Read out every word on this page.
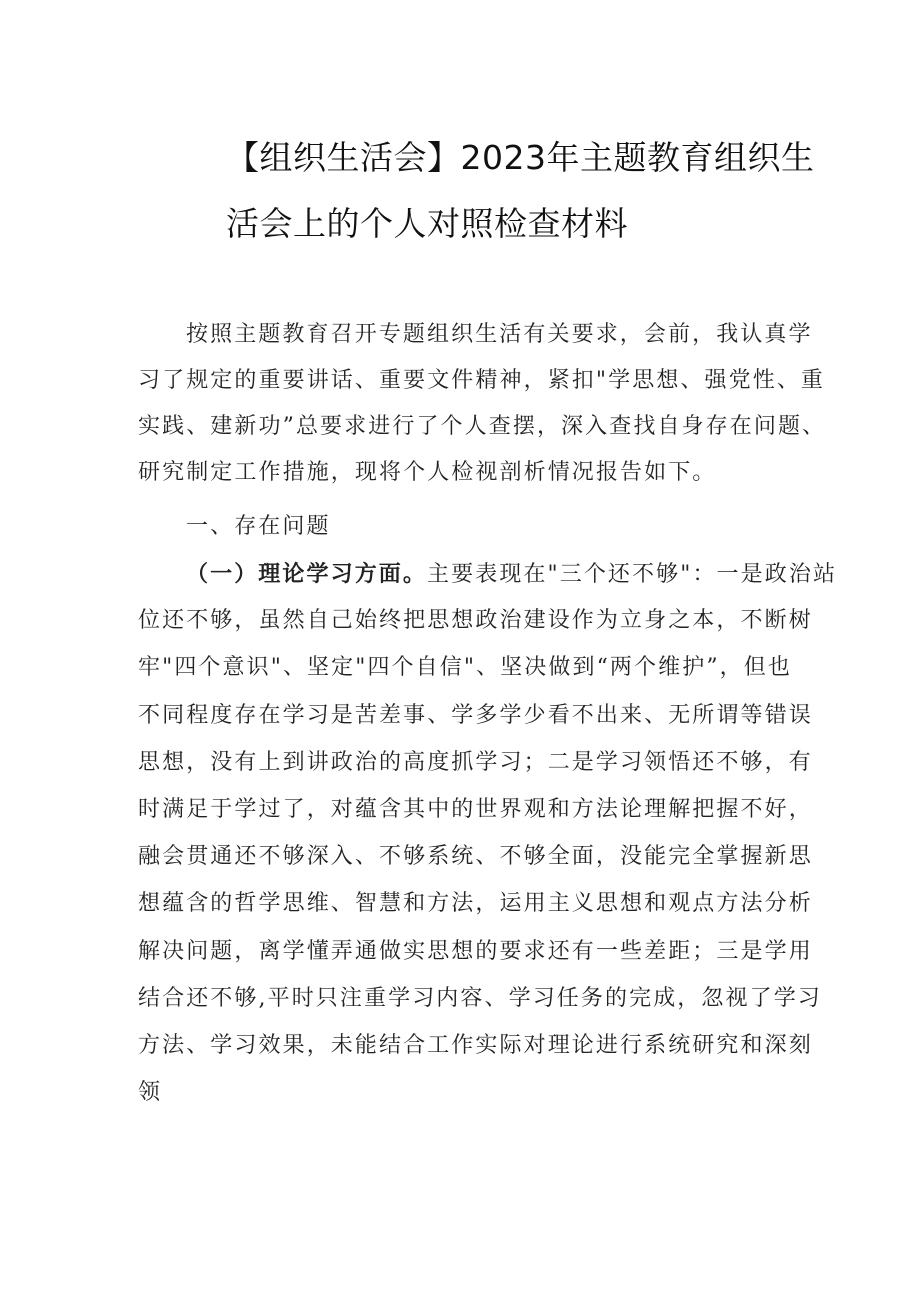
【组织生活会】2023年主题教育组织生
活会上的个人对照检查材料
按照主题教育召开专题组织生活有关要求，会前，我认真学
习了规定的重要讲话、重要文件精神，紧扣"学思想、强党性、重
实践、建新功”总要求进行了个人查摆，深入查找自身存在问题、
研究制定工作措施，现将个人检视剖析情况报告如下。
一、存在问题
（一）理论学习方面。主要表现在"三个还不够"：一是政治站
位还不够，虽然自己始终把思想政治建设作为立身之本，不断树
牢"四个意识"、坚定"四个自信"、坚决做到“两个维护”，但也
不同程度存在学习是苦差事、学多学少看不出来、无所谓等错误
思想，没有上到讲政治的高度抓学习；二是学习领悟还不够，有
时满足于学过了，对蕴含其中的世界观和方法论理解把握不好，
融会贯通还不够深入、不够系统、不够全面，没能完全掌握新思
想蕴含的哲学思维、智慧和方法，运用主义思想和观点方法分析
解决问题，离学懂弄通做实思想的要求还有一些差距；三是学用
结合还不够,平时只注重学习内容、学习任务的完成，忽视了学习
方法、学习效果，未能结合工作实际对理论进行系统研究和深刻
领
